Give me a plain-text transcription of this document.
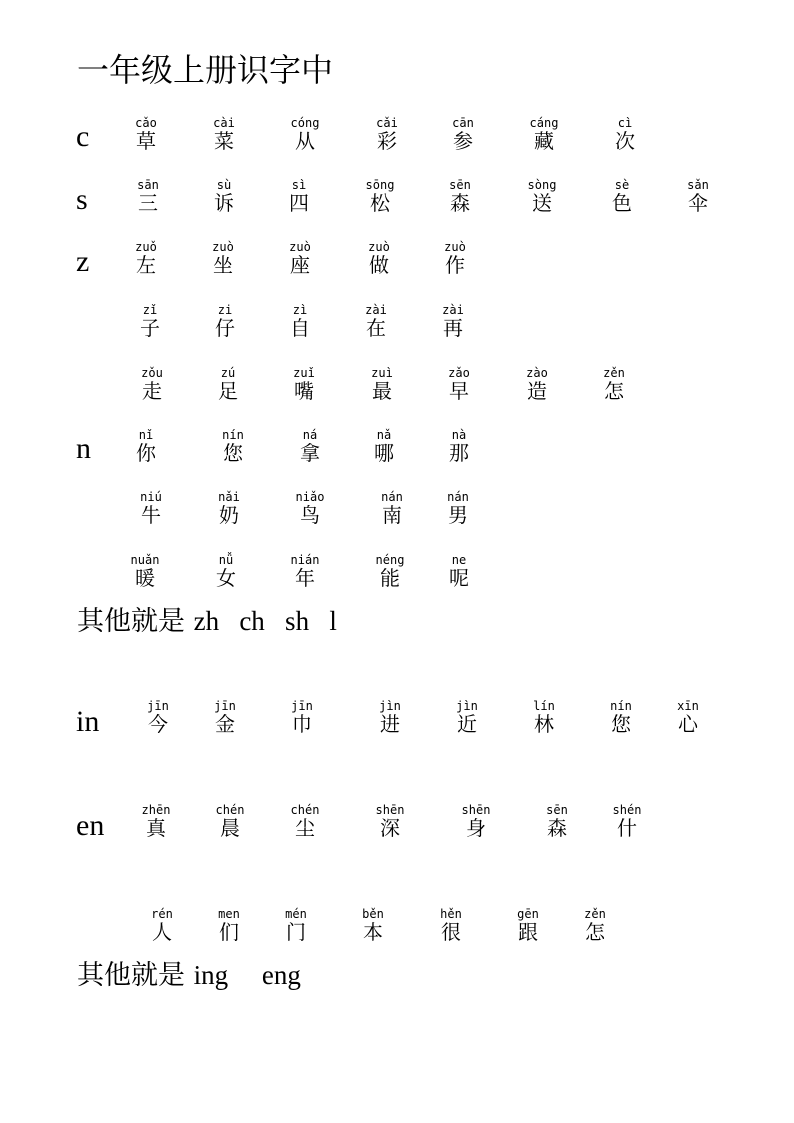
一年级上册识字中
c
s
z
n
其他就是 zh   ch   sh   l
in
en
其他就是 ing     eng
cǎo
草
cài
菜
cóng
从
cǎi
彩
cān
参
cáng
藏
cì
次
sān
三
sù
诉
sì
四
sōng
松
sēn
森
sòng
送
sè
色
sǎn
伞
zuǒ
左
zuò
坐
zuò
座
zuò
做
zuò
作
zǐ
子
zi
仔
zì
自
zài
在
zài
再
zǒu
走
zú
足
zuǐ
嘴
zuì
最
zǎo
早
zào
造
zěn
怎
nǐ
你
nín
您
ná
拿
nǎ
哪
nà
那
niú
牛
nǎi
奶
niǎo
鸟
nán
南
nán
男
nuǎn
暖
nǚ
女
nián
年
néng
能
ne
呢
jīn
今
jīn
金
jīn
巾
jìn
进
jìn
近
lín
林
nín
您
xīn
心
zhēn
真
chén
晨
chén
尘
shēn
深
shēn
身
sēn
森
shén
什
rén
人
men
们
mén
门
běn
本
hěn
很
gēn
跟
zěn
怎
